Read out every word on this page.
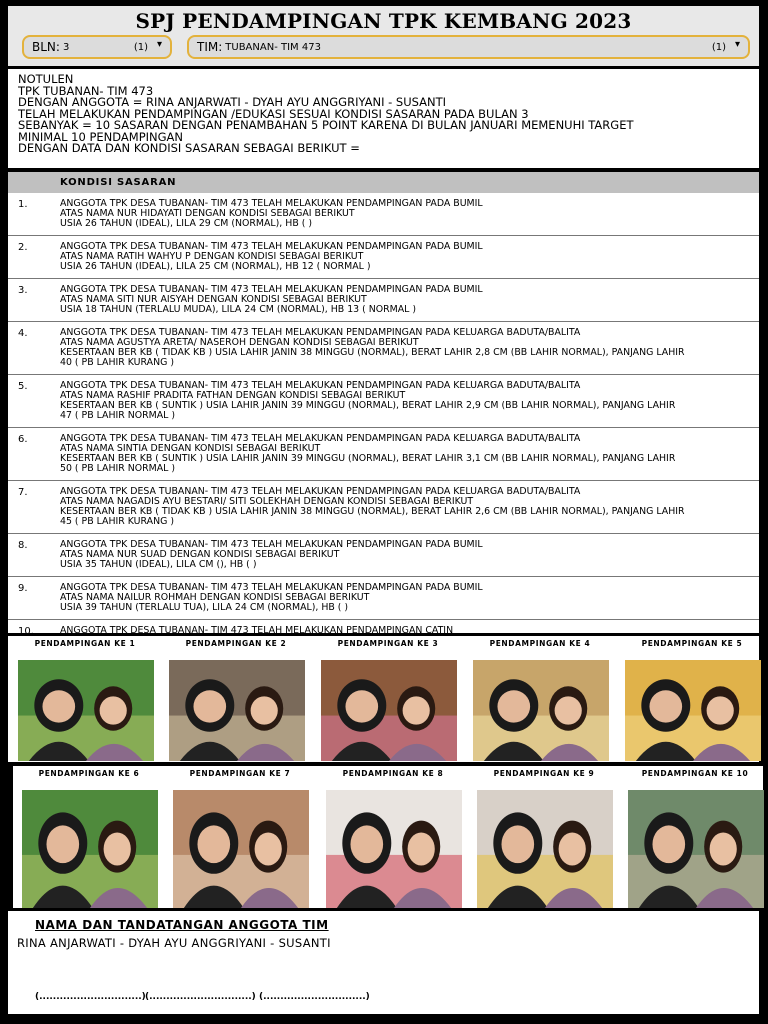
SPJ PENDAMPINGAN TPK KEMBANG 2023
BLN: 3	(1) ▾	TIM: TUBANAN- TIM 473	(1) ▾
NOTULEN
TPK TUBANAN- TIM 473
DENGAN ANGGOTA = RINA ANJARWATI - DYAH AYU ANGGRIYANI - SUSANTI
TELAH MELAKUKAN PENDAMPINGAN /EDUKASI SESUAI KONDISI SASARAN PADA BULAN 3
SEBANYAK = 10 SASARAN DENGAN PENAMBAHAN 5 POINT KARENA DI BULAN JANUARI MEMENUHI TARGET
MINIMAL 10 PENDAMPINGAN
DENGAN DATA DAN KONDISI SASARAN SEBAGAI BERIKUT =
KONDISI SASARAN
1.	ANGGOTA TPK DESA TUBANAN- TIM 473 TELAH MELAKUKAN PENDAMPINGAN PADA BUMIL
ATAS NAMA NUR HIDAYATI DENGAN KONDISI SEBAGAI BERIKUT
USIA 26 TAHUN (IDEAL), LILA 29 CM (NORMAL), HB ( )
2.	ANGGOTA TPK DESA TUBANAN- TIM 473 TELAH MELAKUKAN PENDAMPINGAN PADA BUMIL
ATAS NAMA RATIH WAHYU P DENGAN KONDISI SEBAGAI BERIKUT
USIA 26 TAHUN (IDEAL), LILA 25 CM (NORMAL), HB 12 ( NORMAL )
3.	ANGGOTA TPK DESA TUBANAN- TIM 473 TELAH MELAKUKAN PENDAMPINGAN PADA BUMIL
ATAS NAMA SITI NUR AISYAH DENGAN KONDISI SEBAGAI BERIKUT
USIA 18 TAHUN (TERLALU MUDA), LILA 24 CM (NORMAL), HB 13 ( NORMAL )
4.	ANGGOTA TPK DESA TUBANAN- TIM 473 TELAH MELAKUKAN PENDAMPINGAN PADA KELUARGA BADUTA/BALITA
ATAS NAMA AGUSTYA ARETA/ NASEROH DENGAN KONDISI SEBAGAI BERIKUT
KESERTAAN BER KB ( TIDAK KB ) USIA LAHIR JANIN 38 MINGGU (NORMAL), BERAT LAHIR 2,8 CM (BB LAHIR NORMAL), PANJANG LAHIR
40 ( PB LAHIR KURANG )
5.	ANGGOTA TPK DESA TUBANAN- TIM 473 TELAH MELAKUKAN PENDAMPINGAN PADA KELUARGA BADUTA/BALITA
ATAS NAMA RASHIF PRADITA FATHAN DENGAN KONDISI SEBAGAI BERIKUT
KESERTAAN BER KB ( SUNTIK ) USIA LAHIR JANIN 39 MINGGU (NORMAL), BERAT LAHIR 2,9 CM (BB LAHIR NORMAL), PANJANG LAHIR
47 ( PB LAHIR NORMAL )
6.	ANGGOTA TPK DESA TUBANAN- TIM 473 TELAH MELAKUKAN PENDAMPINGAN PADA KELUARGA BADUTA/BALITA
ATAS NAMA SINTIA DENGAN KONDISI SEBAGAI BERIKUT
KESERTAAN BER KB ( SUNTIK ) USIA LAHIR JANIN 39 MINGGU (NORMAL), BERAT LAHIR 3,1 CM (BB LAHIR NORMAL), PANJANG LAHIR
50 ( PB LAHIR NORMAL )
7.	ANGGOTA TPK DESA TUBANAN- TIM 473 TELAH MELAKUKAN PENDAMPINGAN PADA KELUARGA BADUTA/BALITA
ATAS NAMA NAGADIS AYU BESTARI/ SITI SOLEKHAH DENGAN KONDISI SEBAGAI BERIKUT
KESERTAAN BER KB ( TIDAK KB ) USIA LAHIR JANIN 38 MINGGU (NORMAL), BERAT LAHIR 2,6 CM (BB LAHIR NORMAL), PANJANG LAHIR
45 ( PB LAHIR KURANG )
8.	ANGGOTA TPK DESA TUBANAN- TIM 473 TELAH MELAKUKAN PENDAMPINGAN PADA BUMIL
ATAS NAMA NUR SUAD DENGAN KONDISI SEBAGAI BERIKUT
USIA 35 TAHUN (IDEAL), LILA CM (), HB ( )
9.	ANGGOTA TPK DESA TUBANAN- TIM 473 TELAH MELAKUKAN PENDAMPINGAN PADA BUMIL
ATAS NAMA NAILUR ROHMAH DENGAN KONDISI SEBAGAI BERIKUT
USIA 39 TAHUN (TERLALU TUA), LILA 24 CM (NORMAL), HB ( )
10.	ANGGOTA TPK DESA TUBANAN- TIM 473 TELAH MELAKUKAN PENDAMPINGAN CATIN
PENDAMPINGAN KE 1	PENDAMPINGAN KE 2	PENDAMPINGAN KE 3	PENDAMPINGAN KE 4	PENDAMPINGAN KE 5
PENDAMPINGAN KE 6	PENDAMPINGAN KE 7	PENDAMPINGAN KE 8	PENDAMPINGAN KE 9	PENDAMPINGAN KE 10
NAMA DAN TANDATANGAN ANGGOTA TIM
RINA ANJARWATI - DYAH AYU ANGGRIYANI - SUSANTI
(..............................) (..............................) (..............................)
